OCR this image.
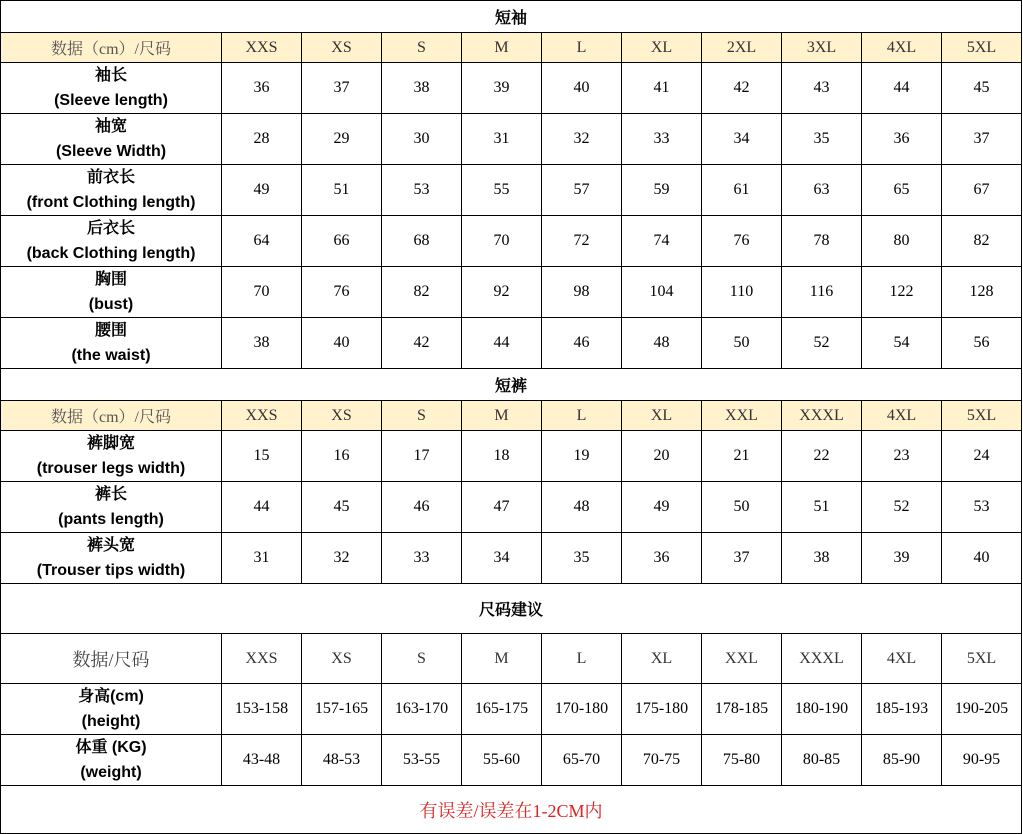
短袖										
数据（cm）/尺码	XXS	XS	S	M	L	XL	2XL	3XL	4XL	5XL

袖长
(Sleeve length)	36	37	38	39	40	41	42	43	44	45

袖宽
(Sleeve Width)	28	29	30	31	32	33	34	35	36	37

前衣长
(front Clothing length)	49	51	53	55	57	59	61	63	65	67

后衣长
(back Clothing length)	64	66	68	70	72	74	76	78	80	82

胸围
(bust)	70	76	82	92	98	104	110	116	122	128

腰围
(the waist)	38	40	42	44	46	48	50	52	54	56
短裤										
数据（cm）/尺码	XXS	XS	S	M	L	XL	XXL	XXXL	4XL	5XL

裤脚宽
(trouser legs width)	15	16	17	18	19	20	21	22	23	24

裤长
(pants length)	44	45	46	47	48	49	50	51	52	53

裤头宽
(Trouser tips width)	31	32	33	34	35	36	37	38	39	40
尺码建议										
数据/尺码	XXS	XS	S	M	L	XL	XXL	XXXL	4XL	5XL

身高(cm)
(height)	153-158	157-165	163-170	165-175	170-180	175-180	178-185	180-190	185-193	190-205

体重 (KG)
(weight)	43-48	48-53	53-55	55-60	65-70	70-75	75-80	80-85	85-90	90-95
有误差/误差在1-2CM内										
